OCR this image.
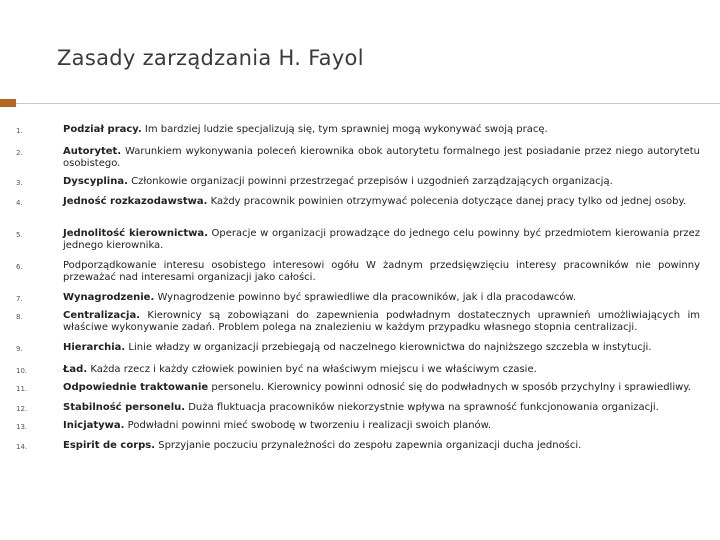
Zasady zarządzania H. Fayol
1.	Podział pracy. Im bardziej ludzie specjalizują się, tym sprawniej mogą wykonywać swoją pracę.
2.	Autorytet. Warunkiem wykonywania poleceń kierownika obok autorytetu formalnego jest posiadanie przez niego autorytetu osobistego.
3.	Dyscyplina. Członkowie organizacji powinni przestrzegać przepisów i uzgodnień zarządzających organizacją.
4.	Jedność rozkazodawstwa. Każdy pracownik powinien otrzymywać polecenia dotyczące danej pracy tylko od jednej osoby.
5.	Jednolitość kierownictwa. Operacje w organizacji prowadzące do jednego celu powinny być przedmiotem kierowania przez jednego kierownika.
6.	Podporządkowanie interesu osobistego interesowi ogółu W żadnym przedsięwzięciu interesy pracowników nie powinny przeważać nad interesami organizacji jako całości.
7.	Wynagrodzenie. Wynagrodzenie powinno być sprawiedliwe dla pracowników, jak i dla pracodawców.
8.	Centralizacja. Kierownicy są zobowiązani do zapewnienia podwładnym dostatecznych uprawnień umożliwiających im właściwe wykonywanie zadań. Problem polega na znalezieniu w każdym przypadku własnego stopnia centralizacji.
9.	Hierarchia. Linie władzy w organizacji przebiegają od naczelnego kierownictwa do najniższego szczebla w instytucji.
10.	Ład. Każda rzecz i każdy człowiek powinien być na właściwym miejscu i we właściwym czasie.
11.	Odpowiednie traktowanie personelu. Kierownicy powinni odnosić się do podwładnych w sposób przychylny i sprawiedliwy.
12.	Stabilność personelu. Duża fluktuacja pracowników niekorzystnie wpływa na sprawność funkcjonowania organizacji.
13.	Inicjatywa. Podwładni powinni mieć swobodę w tworzeniu i realizacji swoich planów.
14.	Espirit de corps. Sprzyjanie poczuciu przynależności do zespołu zapewnia organizacji ducha jedności.
